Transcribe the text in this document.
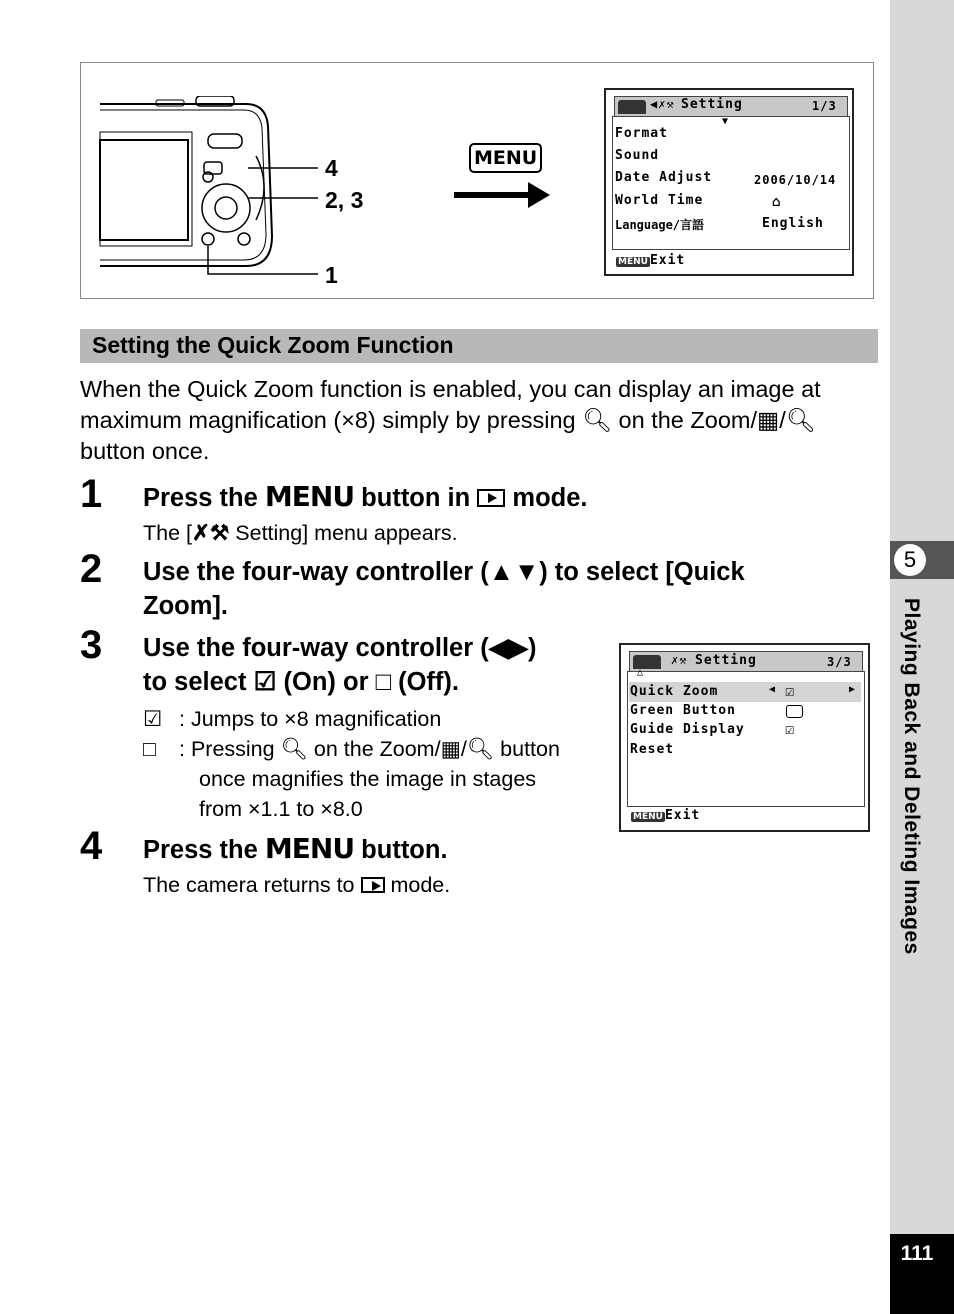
5
Playing Back and Deleting Images
111
4
2, 3
1
MENU
◀✗⚒ Setting	1/3
▼
Format
Sound
Date Adjust
World Time
Language/言語
2006/10/14
⌂
English
MENU Exit
Setting the Quick Zoom Function
When the Quick Zoom function is enabled, you can display an image at
maximum magnification (×8) simply by pressing 🔍︎ on the Zoom/▦/🔍︎
button once.
1 Press the MENU button in mode.
The [✗⚒ Setting] menu appears.
2 Use the four-way controller (▲▼) to select [Quick
Zoom].
3 Use the four-way controller (◀▶)
to select ☑ (On) or □ (Off).
☑ : Jumps to ×8 magnification
□ : Pressing 🔍︎ on the Zoom/▦/🔍︎ button
once magnifies the image in stages
from ×1.1 to ×8.0
✗⚒ Setting	3/3
△
Quick Zoom	◀ ☑	▶
Green Button
Guide Display	☑
Reset
MENU Exit
4 Press the MENU button.
The camera returns to mode.
